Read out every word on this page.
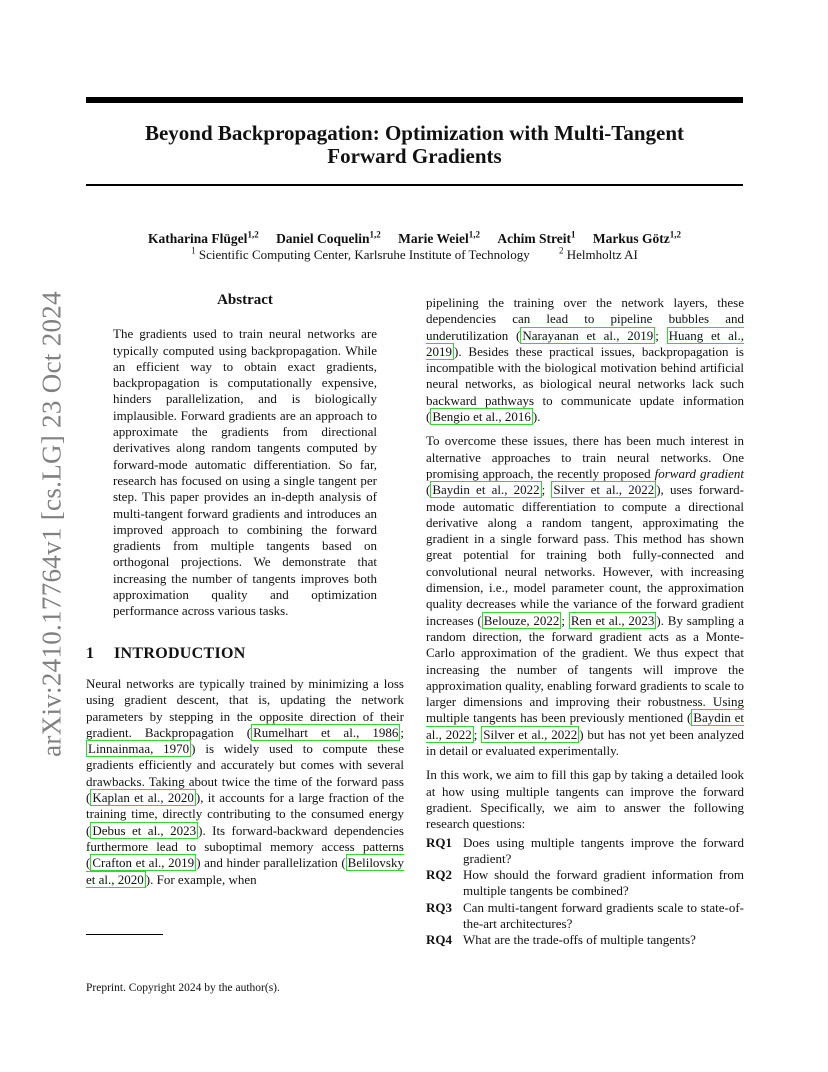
Beyond Backpropagation: Optimization with Multi-Tangent
Forward Gradients
Katharina Flügel$^{1,2}$ Daniel Coquelin$^{1,2}$ Marie Weiel$^{1,2}$ Achim Streit$^1$ Markus Götz$^{1,2}$
$^1$ Scientific Computing Center, Karlsruhe Institute of Technology	$^2$ Helmholtz AI
arXiv:2410.17764v1 [cs.LG] 23 Oct 2024	Abstract

The gradients used to train neural networks are typically computed using backpropagation. While an efficient way to obtain exact gradients, backpropagation is computationally expensive, hinders parallelization, and is biologically implausible. Forward gradients are an approach to approximate the gradients from directional derivatives along random tangents computed by forward-mode automatic differentiation. So far, research has focused on using a single tangent per step. This paper provides an in-depth analysis of multi-tangent forward gradients and introduces an improved approach to combining the forward gradients from multiple tangents based on orthogonal projections. We demonstrate that increasing the number of tangents improves both approximation quality and optimization performance across various tasks.

1 INTRODUCTION

Neural networks are typically trained by minimizing a loss using gradient descent, that is, updating the network parameters by stepping in the opposite direction of their gradient. Backpropagation ( Rumelhart et al., 1986 ; Linnainmaa, 1970 ) is widely used to compute these gradients efficiently and accurately but comes with several drawbacks. Taking about twice the time of the forward pass ( Kaplan et al., 2020 ), it accounts for a large fraction of the training time, directly contributing to the consumed energy ( Debus et al., 2023 ). Its forward-backward dependencies furthermore lead to suboptimal memory access patterns ( Crafton et al., 2019 ) and hinder parallelization ( Belilovsky et al., 2020 ). For example, when

Preprint. Copyright 2024 by the author(s).

pipelining the training over the network layers, these dependencies can lead to pipeline bubbles and underutilization ( Narayanan et al., 2019 ; Huang et al., 2019 ). Besides these practical issues, backpropagation is incompatible with the biological motivation behind artificial neural networks, as biological neural networks lack such backward pathways to communicate update information ( Bengio et al., 2016 ).

To overcome these issues, there has been much interest in alternative approaches to train neural networks. One promising approach, the recently proposed forward gradient ( Baydin et al., 2022 ; Silver et al., 2022 ), uses forward-mode automatic differentiation to compute a directional derivative along a random tangent, approximating the gradient in a single forward pass. This method has shown great potential for training both fully-connected and convolutional neural networks. However, with increasing dimension, i.e., model parameter count, the approximation quality decreases while the variance of the forward gradient increases ( Belouze, 2022 ; Ren et al., 2023 ). By sampling a random direction, the forward gradient acts as a Monte-Carlo approximation of the gradient. We thus expect that increasing the number of tangents will improve the approximation quality, enabling forward gradients to scale to larger dimensions and improving their robustness. Using multiple tangents has been previously mentioned ( Baydin et al., 2022 ; Silver et al., 2022 ) but has not yet been analyzed in detail or evaluated experimentally.

In this work, we aim to fill this gap by taking a detailed look at how using multiple tangents can improve the forward gradient. Specifically, we aim to answer the following research questions:

RQ1 Does using multiple tangents improve the forward gradient?
RQ2 How should the forward gradient information from multiple tangents be combined?
RQ3 Can multi-tangent forward gradients scale to state-of-the-art architectures?
RQ4 What are the trade-offs of multiple tangents?
